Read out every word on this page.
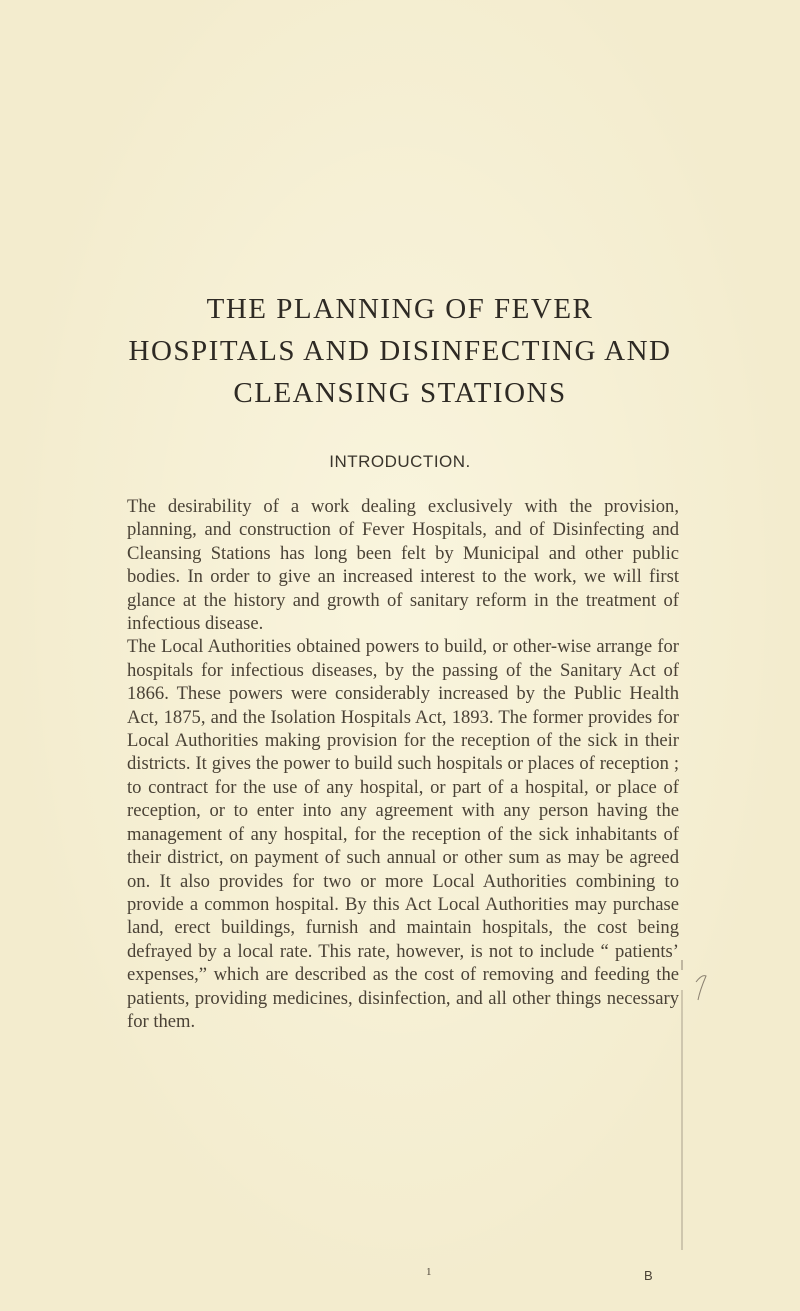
THE PLANNING OF FEVER
HOSPITALS AND DISINFECTING AND
CLEANSING STATIONS
INTRODUCTION.

The desirability of a work dealing exclusively with the provision, planning, and construction of Fever Hospitals, and of Disinfecting and Cleansing Stations has long been felt by Municipal and other public bodies. In order to give an increased interest to the work, we will first glance at the history and growth of sanitary reform in the treatment of infectious disease.

The Local Authorities obtained powers to build, or other-wise arrange for hospitals for infectious diseases, by the passing of the Sanitary Act of 1866. These powers were considerably increased by the Public Health Act, 1875, and the Isolation Hospitals Act, 1893. The former provides for Local Authorities making provision for the reception of the sick in their districts. It gives the power to build such hospitals or places of reception ; to contract for the use of any hospital, or part of a hospital, or place of reception, or to enter into any agreement with any person having the management of any hospital, for the reception of the sick inhabitants of their district, on payment of such annual or other sum as may be agreed on. It also provides for two or more Local Authorities combining to provide a common hospital. By this Act Local Authorities may purchase land, erect buildings, furnish and maintain hospitals, the cost being defrayed by a local rate. This rate, however, is not to include “ patients’ expenses,” which are described as the cost of removing and feeding the patients, providing medicines, disinfection, and all other things necessary for them.

1	B
